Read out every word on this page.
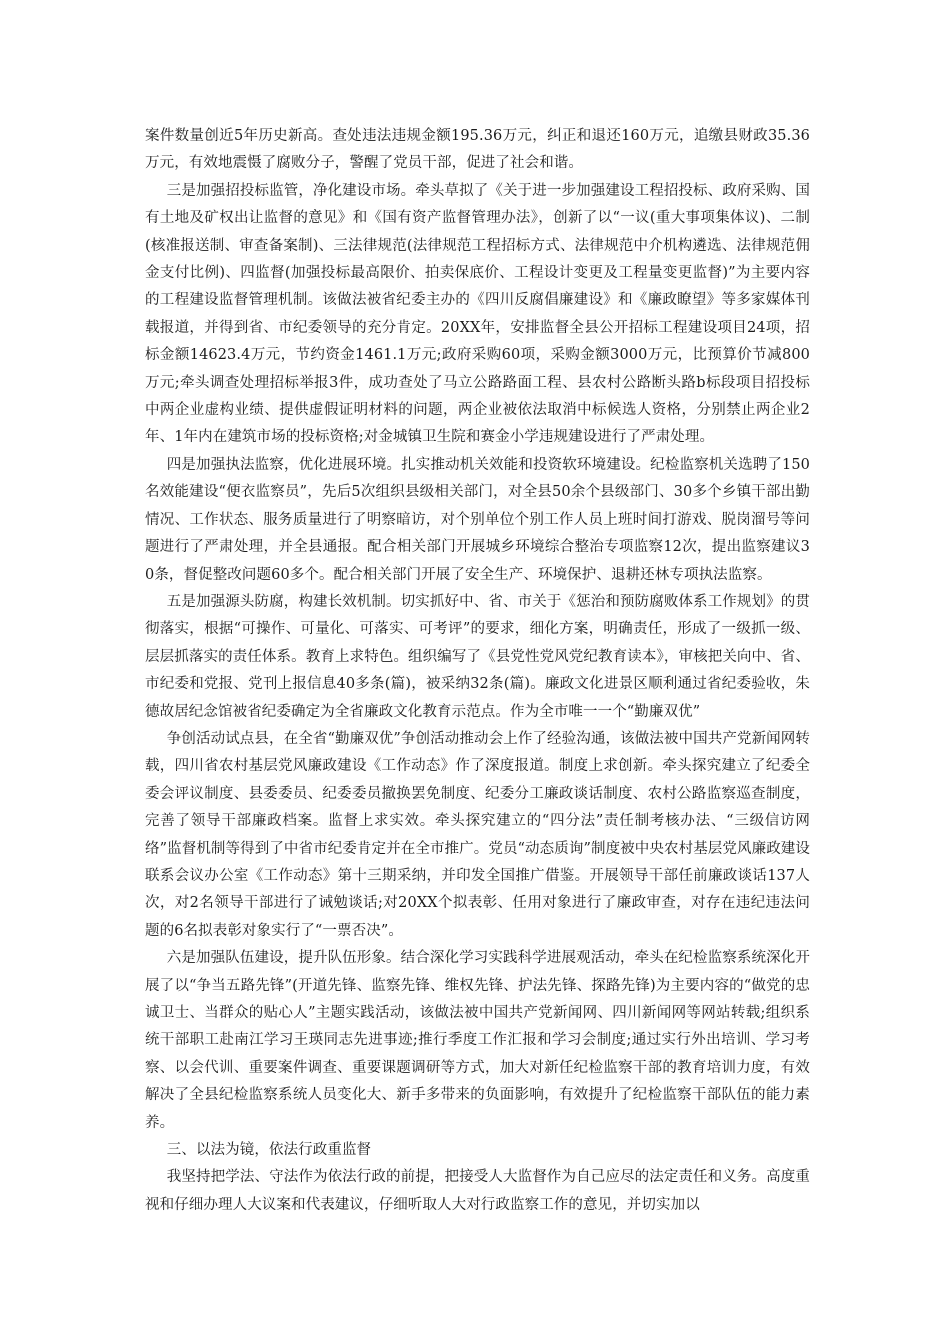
案件数量创近5年历史新高。查处违法违规金额195.36万元，纠正和退还160万元，追缴县财政35.36万元，有效地震慑了腐败分子，警醒了党员干部，促进了社会和谐。

三是加强招投标监管，净化建设市场。牵头草拟了《关于进一步加强建设工程招投标、政府采购、国有土地及矿权出让监督的意见》和《国有资产监督管理办法》，创新了以“一议(重大事项集体议)、二制(核准报送制、审查备案制)、三法律规范(法律规范工程招标方式、法律规范中介机构遴选、法律规范佣金支付比例)、四监督(加强投标最高限价、拍卖保底价、工程设计变更及工程量变更监督)”为主要内容的工程建设监督管理机制。该做法被省纪委主办的《四川反腐倡廉建设》和《廉政瞭望》等多家媒体刊载报道，并得到省、市纪委领导的充分肯定。20XX年，安排监督全县公开招标工程建设项目24项，招标金额14623.4万元，节约资金1461.1万元;政府采购60项，采购金额3000万元，比预算价节减800万元;牵头调查处理招标举报3件，成功查处了马立公路路面工程、县农村公路断头路b标段项目招投标中两企业虚构业绩、提供虚假证明材料的问题，两企业被依法取消中标候选人资格，分别禁止两企业2年、1年内在建筑市场的投标资格;对金城镇卫生院和赛金小学违规建设进行了严肃处理。

四是加强执法监察，优化进展环境。扎实推动机关效能和投资软环境建设。纪检监察机关选聘了150名效能建设“便衣监察员”，先后5次组织县级相关部门，对全县50余个县级部门、30多个乡镇干部出勤情况、工作状态、服务质量进行了明察暗访，对个别单位个别工作人员上班时间打游戏、脱岗溜号等问题进行了严肃处理，并全县通报。配合相关部门开展城乡环境综合整治专项监察12次，提出监察建议30条，督促整改问题60多个。配合相关部门开展了安全生产、环境保护、退耕还林专项执法监察。

五是加强源头防腐，构建长效机制。切实抓好中、省、市关于《惩治和预防腐败体系工作规划》的贯彻落实，根据“可操作、可量化、可落实、可考评”的要求，细化方案，明确责任，形成了一级抓一级、层层抓落实的责任体系。教育上求特色。组织编写了《县党性党风党纪教育读本》，审核把关向中、省、市纪委和党报、党刊上报信息40多条(篇)，被采纳32条(篇)。廉政文化进景区顺利通过省纪委验收，朱德故居纪念馆被省纪委确定为全省廉政文化教育示范点。作为全市唯一一个“勤廉双优”

争创活动试点县，在全省“勤廉双优”争创活动推动会上作了经验沟通，该做法被中国共产党新闻网转载，四川省农村基层党风廉政建设《工作动态》作了深度报道。制度上求创新。牵头探究建立了纪委全委会评议制度、县委委员、纪委委员撤换罢免制度、纪委分工廉政谈话制度、农村公路监察巡查制度，完善了领导干部廉政档案。监督上求实效。牵头探究建立的“四分法”责任制考核办法、“三级信访网络”监督机制等得到了中省市纪委肯定并在全市推广。党员“动态质询”制度被中央农村基层党风廉政建设联系会议办公室《工作动态》第十三期采纳，并印发全国推广借鉴。开展领导干部任前廉政谈话137人次，对2名领导干部进行了诫勉谈话;对20XX个拟表彰、任用对象进行了廉政审查，对存在违纪违法问题的6名拟表彰对象实行了“一票否决”。

六是加强队伍建设，提升队伍形象。结合深化学习实践科学进展观活动，牵头在纪检监察系统深化开展了以“争当五路先锋”(开道先锋、监察先锋、维权先锋、护法先锋、探路先锋)为主要内容的“做党的忠诚卫士、当群众的贴心人”主题实践活动，该做法被中国共产党新闻网、四川新闻网等网站转载;组织系统干部职工赴南江学习王瑛同志先进事迹;推行季度工作汇报和学习会制度;通过实行外出培训、学习考察、以会代训、重要案件调查、重要课题调研等方式，加大对新任纪检监察干部的教育培训力度，有效解决了全县纪检监察系统人员变化大、新手多带来的负面影响，有效提升了纪检监察干部队伍的能力素养。

三、以法为镜，依法行政重监督

我坚持把学法、守法作为依法行政的前提，把接受人大监督作为自己应尽的法定责任和义务。高度重视和仔细办理人大议案和代表建议，仔细听取人大对行政监察工作的意见，并切实加以
